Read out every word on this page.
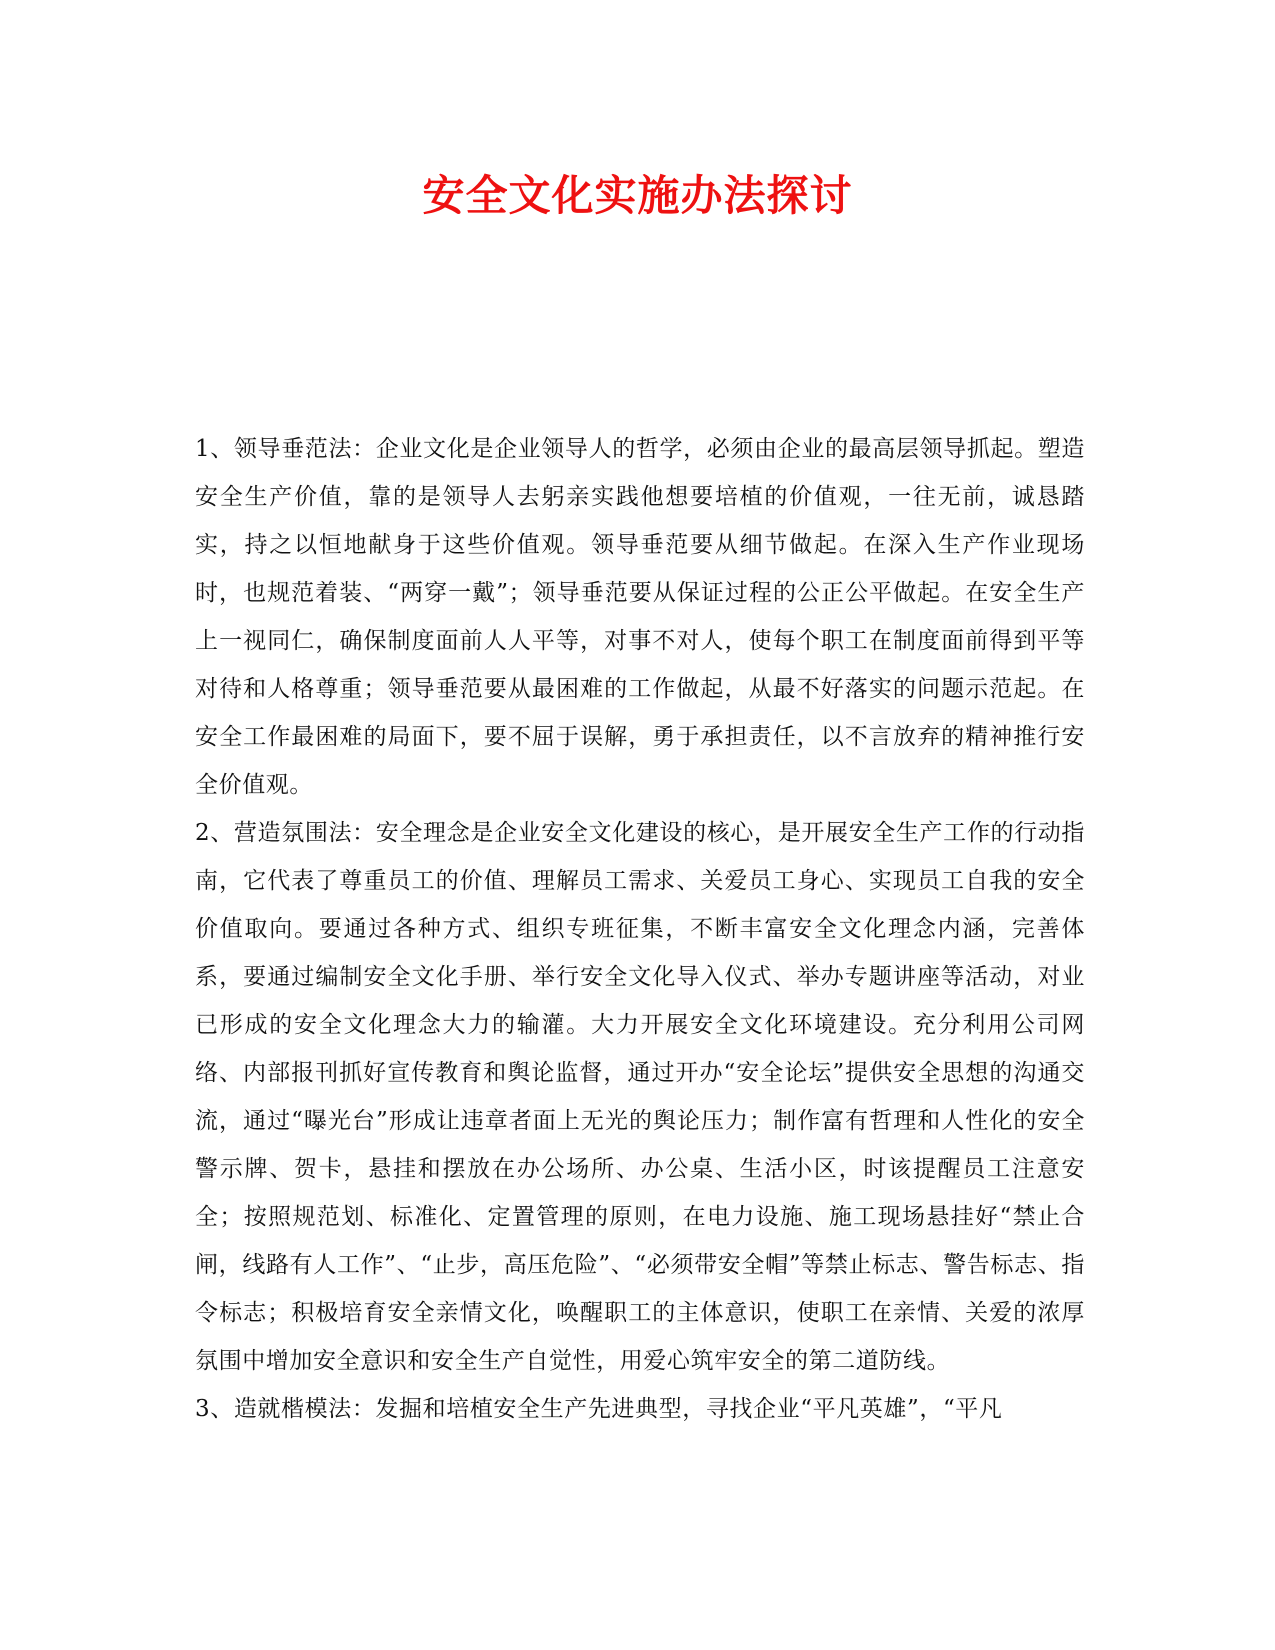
安全文化实施办法探讨

1、领导垂范法：企业文化是企业领导人的哲学，必须由企业的最高层领导抓起。塑造安全生产价值，靠的是领导人去躬亲实践他想要培植的价值观，一往无前，诚恳踏实，持之以恒地献身于这些价值观。领导垂范要从细节做起。在深入生产作业现场时，也规范着装、“两穿一戴”；领导垂范要从保证过程的公正公平做起。在安全生产上一视同仁，确保制度面前人人平等，对事不对人，使每个职工在制度面前得到平等对待和人格尊重；领导垂范要从最困难的工作做起，从最不好落实的问题示范起。在安全工作最困难的局面下，要不屈于误解，勇于承担责任，以不言放弃的精神推行安全价值观。

2、营造氛围法：安全理念是企业安全文化建设的核心，是开展安全生产工作的行动指南，它代表了尊重员工的价值、理解员工需求、关爱员工身心、实现员工自我的安全价值取向。要通过各种方式、组织专班征集，不断丰富安全文化理念内涵，完善体系，要通过编制安全文化手册、举行安全文化导入仪式、举办专题讲座等活动，对业已形成的安全文化理念大力的输灌。大力开展安全文化环境建设。充分利用公司网络、内部报刊抓好宣传教育和舆论监督，通过开办“安全论坛”提供安全思想的沟通交流，通过“曝光台”形成让违章者面上无光的舆论压力；制作富有哲理和人性化的安全警示牌、贺卡，悬挂和摆放在办公场所、办公桌、生活小区，时该提醒员工注意安全；按照规范划、标准化、定置管理的原则，在电力设施、施工现场悬挂好“禁止合闸，线路有人工作”、“止步，高压危险”、“必须带安全帽”等禁止标志、警告标志、指令标志；积极培育安全亲情文化，唤醒职工的主体意识，使职工在亲情、关爱的浓厚氛围中增加安全意识和安全生产自觉性，用爱心筑牢安全的第二道防线。

3、造就楷模法：发掘和培植安全生产先进典型，寻找企业“平凡英雄”，“平凡
